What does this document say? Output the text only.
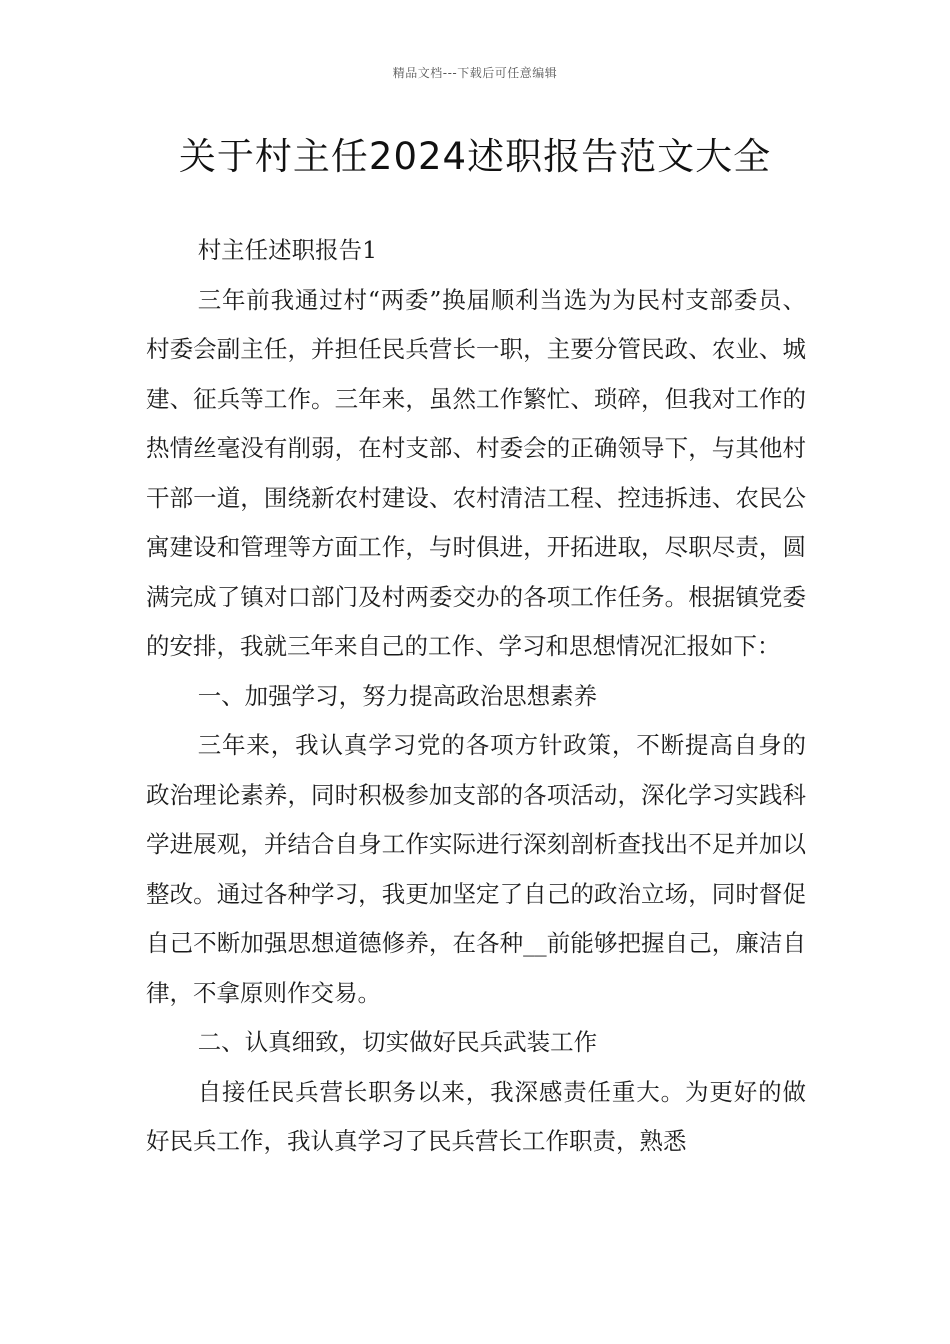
精品文档---下载后可任意编辑
关于村主任2024述职报告范文大全

村主任述职报告1

三年前我通过村“两委”换届顺利当选为为民村支部委员、村委会副主任，并担任民兵营长一职，主要分管民政、农业、城建、征兵等工作。三年来，虽然工作繁忙、琐碎，但我对工作的热情丝毫没有削弱，在村支部、村委会的正确领导下，与其他村干部一道，围绕新农村建设、农村清洁工程、控违拆违、农民公寓建设和管理等方面工作，与时俱进，开拓进取，尽职尽责，圆满完成了镇对口部门及村两委交办的各项工作任务。根据镇党委的安排，我就三年来自己的工作、学习和思想情况汇报如下：

一、加强学习，努力提高政治思想素养

三年来，我认真学习党的各项方针政策，不断提高自身的政治理论素养，同时积极参加支部的各项活动，深化学习实践科学进展观，并结合自身工作实际进行深刻剖析查找出不足并加以整改。通过各种学习，我更加坚定了自己的政治立场，同时督促自己不断加强思想道德修养，在各种__前能够把握自己，廉洁自律，不拿原则作交易。

二、认真细致，切实做好民兵武装工作

自接任民兵营长职务以来，我深感责任重大。为更好的做好民兵工作，我认真学习了民兵营长工作职责，熟悉
